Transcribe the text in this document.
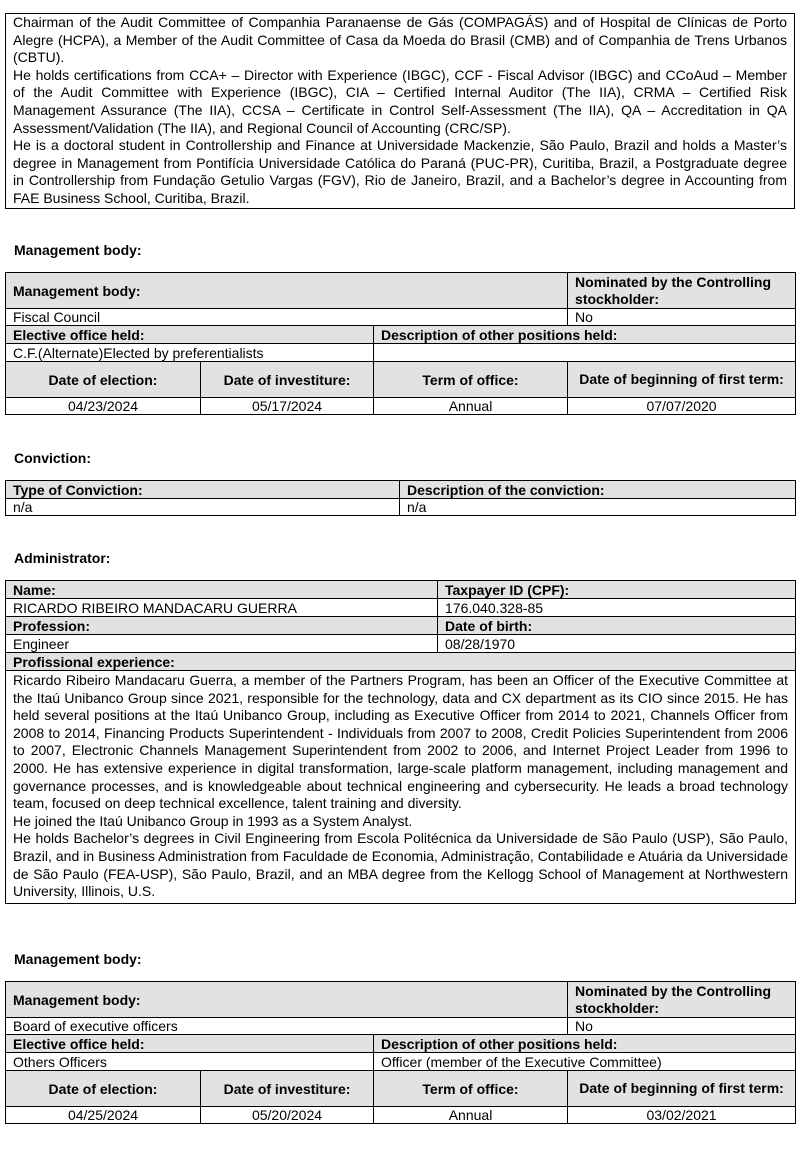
Chairman of the Audit Committee of Companhia Paranaense de Gás (COMPAGÁS) and of Hospital de Clínicas de Porto Alegre (HCPA), a Member of the Audit Committee of Casa da Moeda do Brasil (CMB) and of Companhia de Trens Urbanos (CBTU).

He holds certifications from CCA+ – Director with Experience (IBGC), CCF - Fiscal Advisor (IBGC) and CCoAud – Member of the Audit Committee with Experience (IBGC), CIA – Certified Internal Auditor (The IIA), CRMA – Certified Risk Management Assurance (The IIA), CCSA – Certificate in Control Self-Assessment (The IIA), QA – Accreditation in QA Assessment/Validation (The IIA), and Regional Council of Accounting (CRC/SP).

He is a doctoral student in Controllership and Finance at Universidade Mackenzie, São Paulo, Brazil and holds a Master’s degree in Management from Pontifícia Universidade Católica do Paraná (PUC-PR), Curitiba, Brazil, a Postgraduate degree in Controllership from Fundação Getulio Vargas (FGV), Rio de Janeiro, Brazil, and a Bachelor’s degree in Accounting from FAE Business School, Curitiba, Brazil.

Management body:
Management body:			Nominated by the Controlling stockholder:
Fiscal Council			No
Elective office held:		Description of other positions held:	
C.F.(Alternate)Elected by preferentialists			
Date of election:	Date of investiture:	Term of office:	Date of beginning of first term:
04/23/2024	05/17/2024	Annual	07/07/2020
Conviction:
Type of Conviction:	Description of the conviction:
n/a	n/a
Administrator:
Name:	Taxpayer ID (CPF):
RICARDO RIBEIRO MANDACARU GUERRA	176.040.328-85
Profession:	Date of birth:
Engineer	08/28/1970
Profissional experience:	

Ricardo Ribeiro Mandacaru Guerra, a member of the Partners Program, has been an Officer of the Executive Committee at the Itaú Unibanco Group since 2021, responsible for the technology, data and CX department as its CIO since 2015. He has held several positions at the Itaú Unibanco Group, including as Executive Officer from 2014 to 2021, Channels Officer from 2008 to 2014, Financing Products Superintendent - Individuals from 2007 to 2008, Credit Policies Superintendent from 2006 to 2007, Electronic Channels Management Superintendent from 2002 to 2006, and Internet Project Leader from 1996 to 2000. He has extensive experience in digital transformation, large-scale platform management, including management and governance processes, and is knowledgeable about technical engineering and cybersecurity. He leads a broad technology team, focused on deep technical excellence, talent training and diversity.

He joined the Itaú Unibanco Group in 1993 as a System Analyst.

He holds Bachelor’s degrees in Civil Engineering from Escola Politécnica da Universidade de São Paulo (USP), São Paulo, Brazil, and in Business Administration from Faculdade de Economia, Administração, Contabilidade e Atuária da Universidade de São Paulo (FEA-USP), São Paulo, Brazil, and an MBA degree from the Kellogg School of Management at Northwestern University, Illinois, U.S.	

Management body:
Management body:			Nominated by the Controlling stockholder:
Board of executive officers			No
Elective office held:		Description of other positions held:	
Others Officers		Officer (member of the Executive Committee)	
Date of election:	Date of investiture:	Term of office:	Date of beginning of first term:
04/25/2024	05/20/2024	Annual	03/02/2021
